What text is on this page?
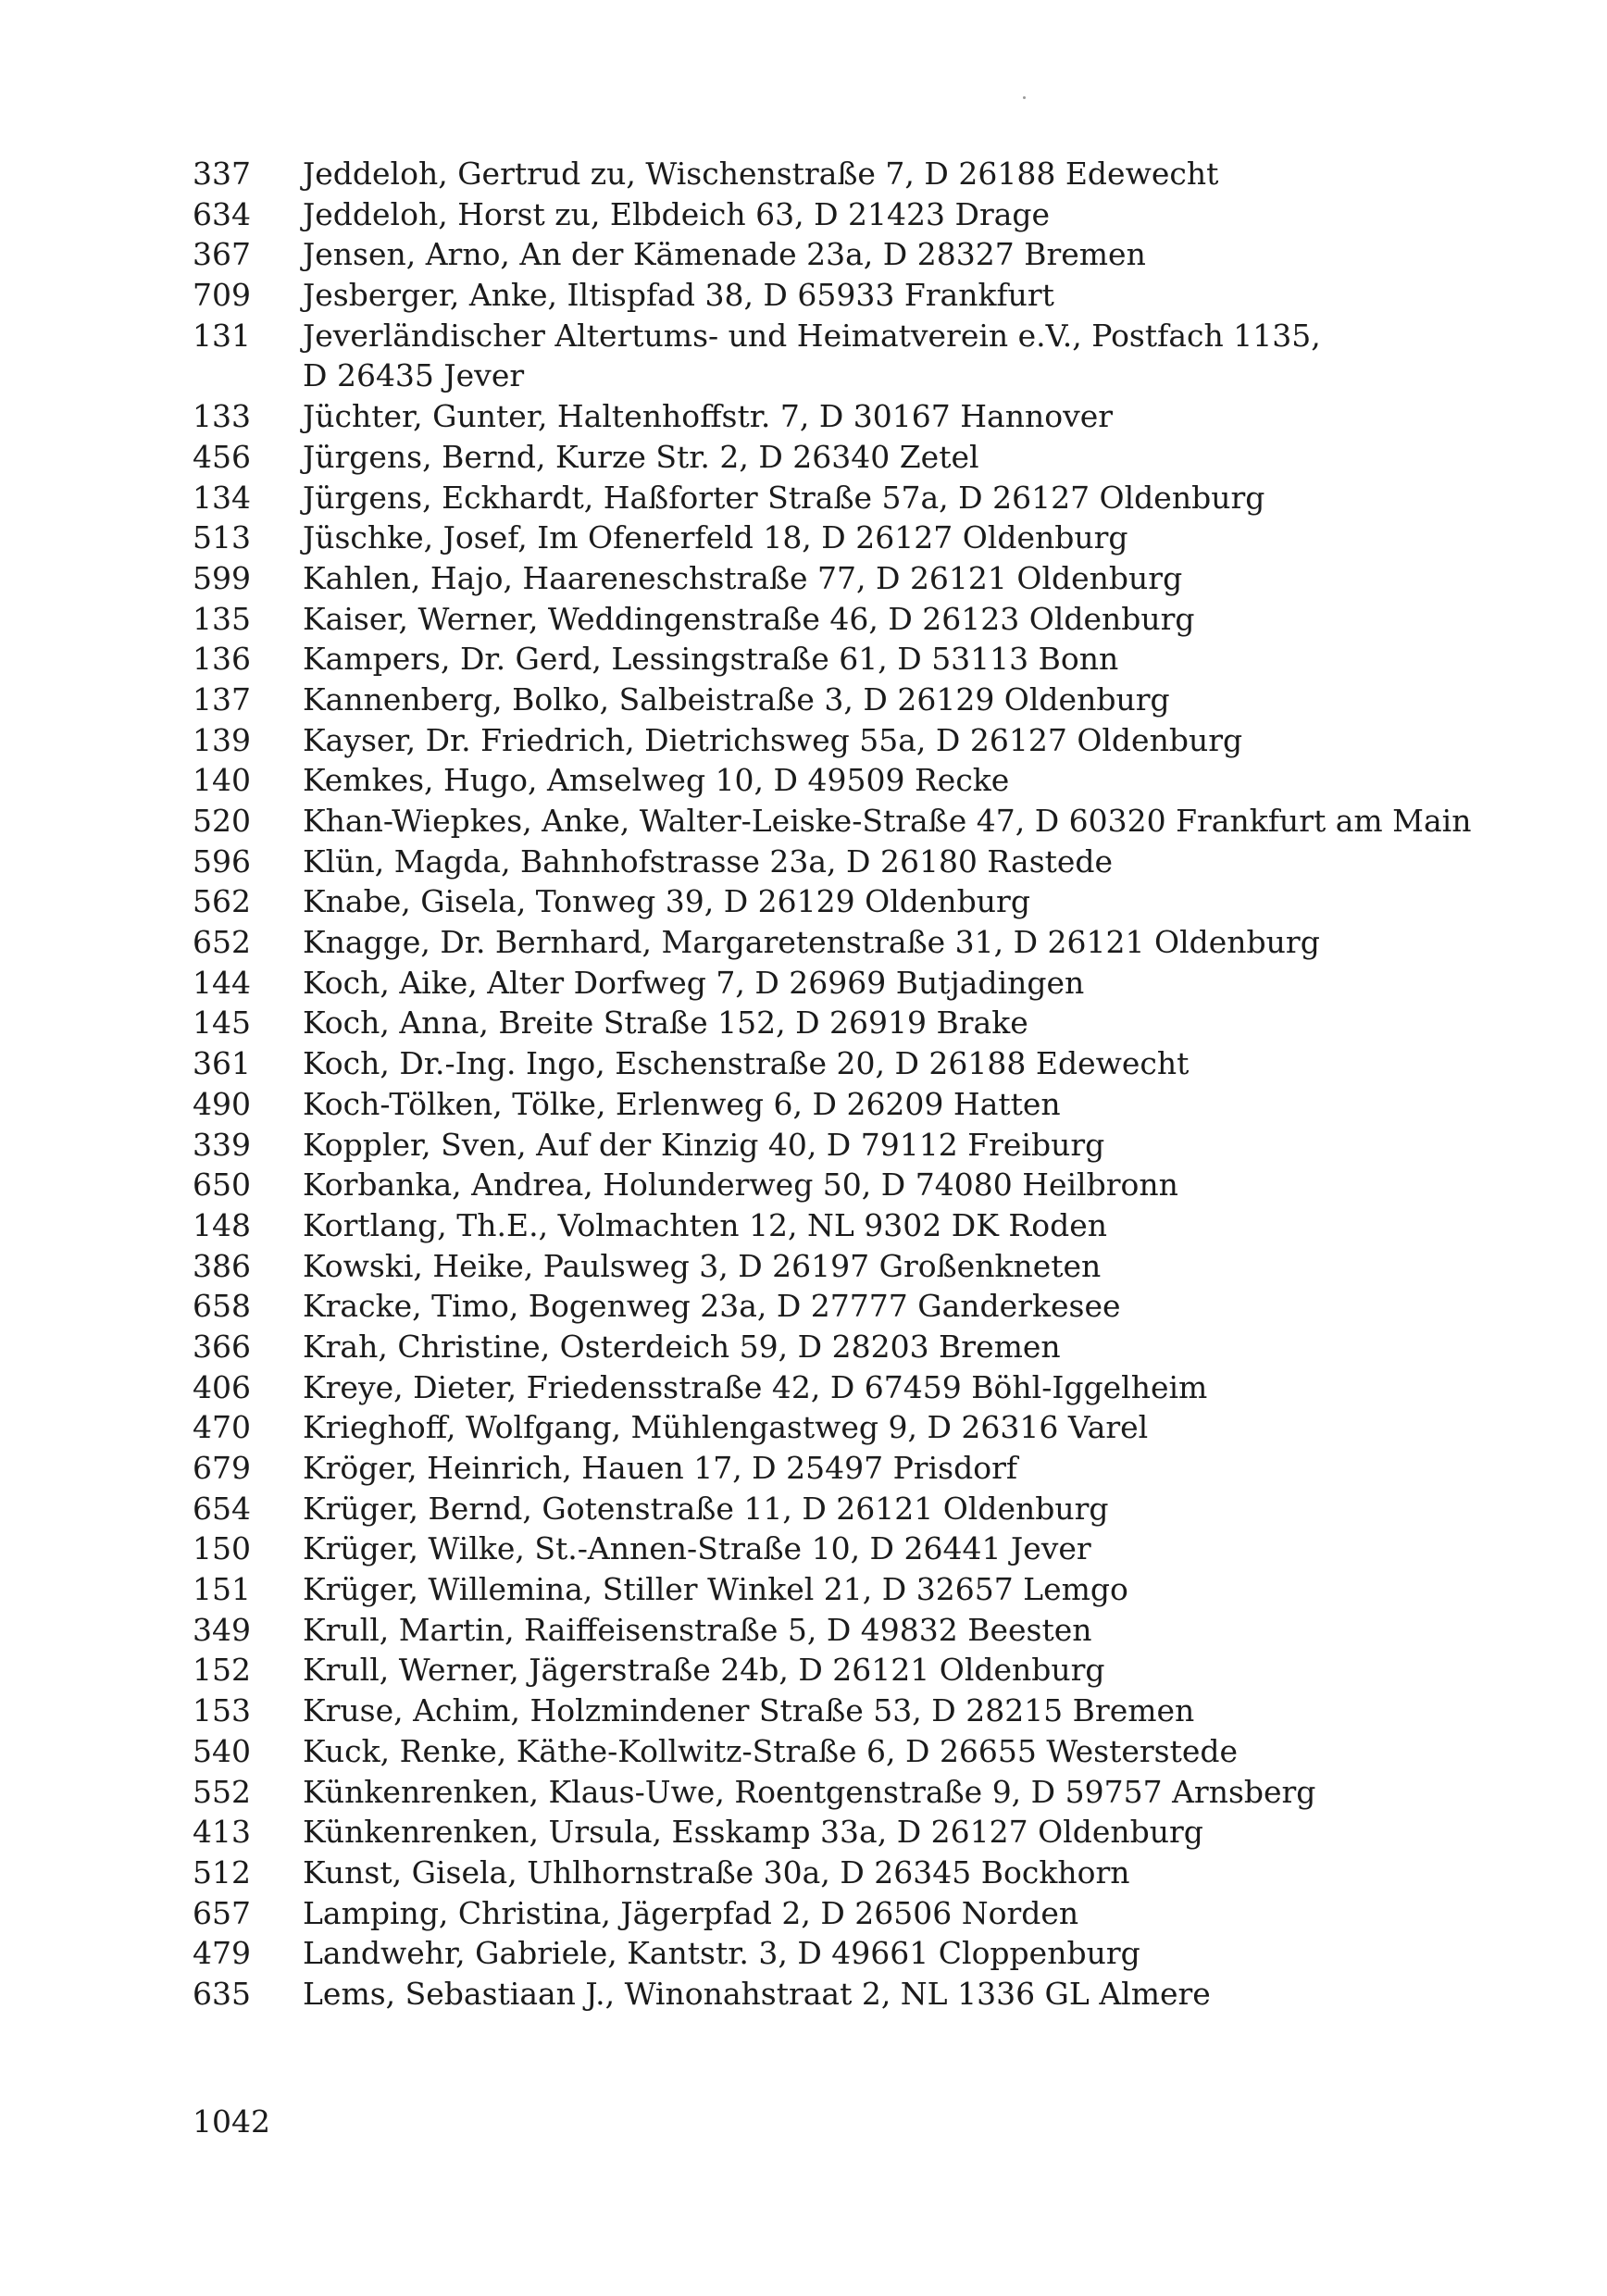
337 Jeddeloh, Gertrud zu, Wischenstraße 7, D 26188 Edewecht
634 Jeddeloh, Horst zu, Elbdeich 63, D 21423 Drage
367 Jensen, Arno, An der Kämenade 23a, D 28327 Bremen
709 Jesberger, Anke, Iltispfad 38, D 65933 Frankfurt
131 Jeverländischer Altertums- und Heimatverein e.V., Postfach 1135, D 26435 Jever
133 Jüchter, Gunter, Haltenhoffstr. 7, D 30167 Hannover
456 Jürgens, Bernd, Kurze Str. 2, D 26340 Zetel
134 Jürgens, Eckhardt, Haßforter Straße 57a, D 26127 Oldenburg
513 Jüschke, Josef, Im Ofenerfeld 18, D 26127 Oldenburg
599 Kahlen, Hajo, Haareneschstraße 77, D 26121 Oldenburg
135 Kaiser, Werner, Weddingenstraße 46, D 26123 Oldenburg
136 Kampers, Dr. Gerd, Lessingstraße 61, D 53113 Bonn
137 Kannenberg, Bolko, Salbeistraße 3, D 26129 Oldenburg
139 Kayser, Dr. Friedrich, Dietrichsweg 55a, D 26127 Oldenburg
140 Kemkes, Hugo, Amselweg 10, D 49509 Recke
520 Khan-Wiepkes, Anke, Walter-Leiske-Straße 47, D 60320 Frankfurt am Main
596 Klün, Magda, Bahnhofstrasse 23a, D 26180 Rastede
562 Knabe, Gisela, Tonweg 39, D 26129 Oldenburg
652 Knagge, Dr. Bernhard, Margaretenstraße 31, D 26121 Oldenburg
144 Koch, Aike, Alter Dorfweg 7, D 26969 Butjadingen
145 Koch, Anna, Breite Straße 152, D 26919 Brake
361 Koch, Dr.-Ing. Ingo, Eschenstraße 20, D 26188 Edewecht
490 Koch-Tölken, Tölke, Erlenweg 6, D 26209 Hatten
339 Koppler, Sven, Auf der Kinzig 40, D 79112 Freiburg
650 Korbanka, Andrea, Holunderweg 50, D 74080 Heilbronn
148 Kortlang, Th.E., Volmachten 12, NL 9302 DK Roden
386 Kowski, Heike, Paulsweg 3, D 26197 Großenkneten
658 Kracke, Timo, Bogenweg 23a, D 27777 Ganderkesee
366 Krah, Christine, Osterdeich 59, D 28203 Bremen
406 Kreye, Dieter, Friedensstraße 42, D 67459 Böhl-Iggelheim
470 Krieghoff, Wolfgang, Mühlengastweg 9, D 26316 Varel
679 Kröger, Heinrich, Hauen 17, D 25497 Prisdorf
654 Krüger, Bernd, Gotenstraße 11, D 26121 Oldenburg
150 Krüger, Wilke, St.-Annen-Straße 10, D 26441 Jever
151 Krüger, Willemina, Stiller Winkel 21, D 32657 Lemgo
349 Krull, Martin, Raiffeisenstraße 5, D 49832 Beesten
152 Krull, Werner, Jägerstraße 24b, D 26121 Oldenburg
153 Kruse, Achim, Holzmindener Straße 53, D 28215 Bremen
540 Kuck, Renke, Käthe-Kollwitz-Straße 6, D 26655 Westerstede
552 Künkenrenken, Klaus-Uwe, Roentgenstraße 9, D 59757 Arnsberg
413 Künkenrenken, Ursula, Esskamp 33a, D 26127 Oldenburg
512 Kunst, Gisela, Uhlhornstraße 30a, D 26345 Bockhorn
657 Lamping, Christina, Jägerpfad 2, D 26506 Norden
479 Landwehr, Gabriele, Kantstr. 3, D 49661 Cloppenburg
635 Lems, Sebastiaan J., Winonahstraat 2, NL 1336 GL Almere
1042
